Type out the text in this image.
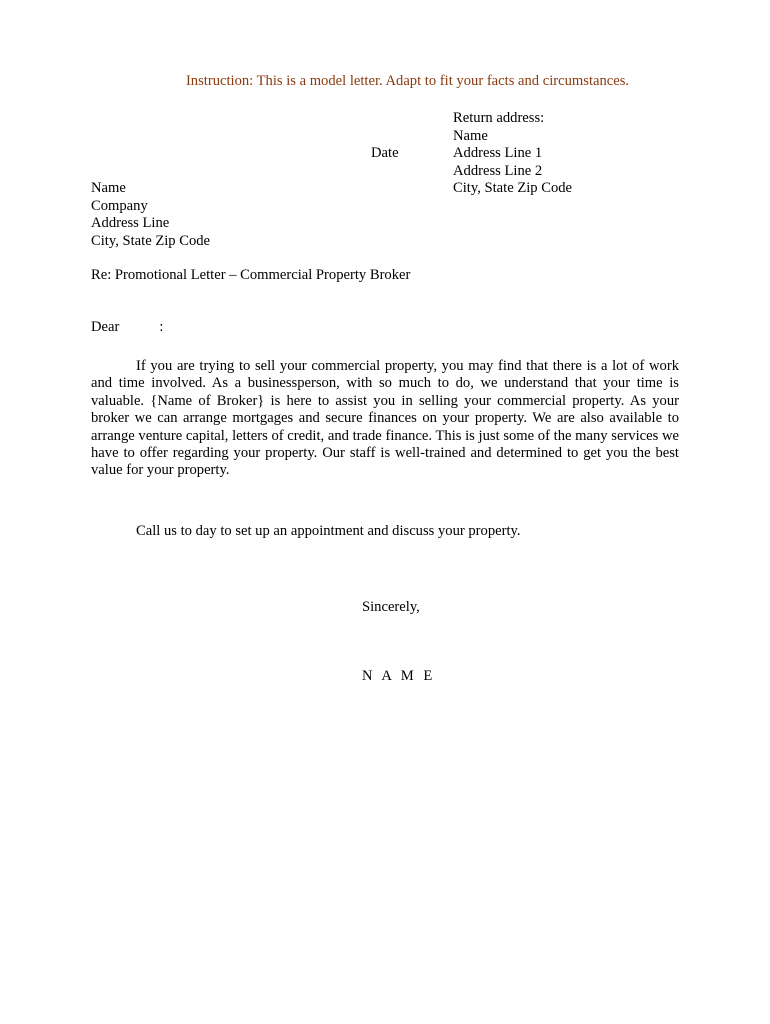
Instruction: This is a model letter. Adapt to fit your facts and circumstances.
Return address:
Name
Address Line 1
Address Line 2
City, State Zip Code
Date
Name
Company
Address Line
City, State Zip Code
Re: Promotional Letter – Commercial Property Broker
Dear	:
If you are trying to sell your commercial property, you may find that there is a lot of work and time involved. As a businessperson, with so much to do, we understand that your time is valuable. {Name of Broker} is here to assist you in selling your commercial property. As your broker we can arrange mortgages and secure finances on your property. We are also available to arrange venture capital, letters of credit, and trade finance. This is just some of the many services we have to offer regarding your property. Our staff is well-trained and determined to get you the best value for your property.
Call us to day to set up an appointment and discuss your property.
Sincerely,
N A M E
